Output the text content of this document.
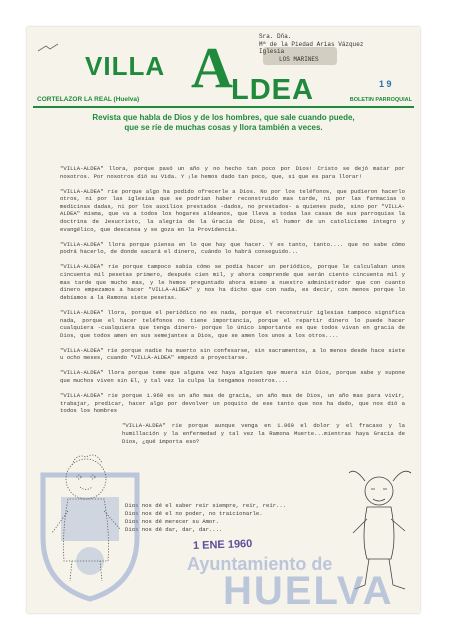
VILLA A
LDEA
CORTELAZOR LA REAL (Huelva)	BOLETIN PARROQUIAL
Sra. Dña.
Mª de la Piedad Arias Vázquez
Iglesia
LOS MARINES
1 9
Revista que habla de Dios y de los hombres, que sale cuando puede,
que se ríe de muchas cosas y llora también a veces.

"VILLA-ALDEA" llora, porque pasó un año y no hecho tan poco por Dios! Cristo se dejó matar por nosotros. Por nosotros dió su Vida. Y ¡le hemos dado tan poco, que, si que es para llorar!

"VILLA-ALDEA" ríe porque algo ha podido ofrecerle a Dios. No por los teléfonos, que pudieron hacerlo otros, ni por las iglesias que se podrían haber reconstruido mas tarde, ni por las farmacias o medicinas dadas, ni por los auxilios prestados -dados, no prestados- a quienes pudo, sino por "VILLA-ALDEA" misma, que va a todos los hogares aldeanos, que lleva a todas las casas de sus parroquias la doctrina de Jesucristo, la alegría de la Gracia de Dios, el humor de un catolicismo íntegro y evangélico, que descansa y se goza en la Providencia.

"VILLA-ALDEA" llora porque piensa en lo que hay que hacer. Y es tanto, tanto.... que no sabe cómo podrá hacerlo, de donde sacará el dinero, cuándo lo habrá conseguido...

"VILLA-ALDEA" ríe porque tampoco sabía cómo se podía hacer un periódico, porque le calculaban unos cincuenta mil pesetas primero, después cien mil, y ahora comprende que serán ciento cincuenta mil y mas tarde que mucho mas, y le hemos preguntado ahora mismo a nuestro administrador que con cuanto dinero empezamos a hacer "VILLA-ALDEA" y nos ha dicho que con nada, es decir, con menos porque lo debíamos a la Ramona siete pesetas.

"VILLA-ALDEA" llora, porque el periódico no es nada, porque el reconstruir iglesias tampoco significa nada, porque el hacer teléfonos no tiene importancia, porque el repartir dinero lo puede hacer cualquiera -cualquiera que tenga dinero- porque lo único importante es que todos vivan en gracia de Dios, que todos amen en sus semejantes a Dios, que se amen los unos a los otros....

"VILLA-ALDEA" ríe porque nadie ha muerto sin confesarse, sin sacramentos, a lo menos desde hace siete u ocho meses, cuando "VILLA-ALDEA" empezó a proyectarse.

"VILLA-ALDEA" llora porque teme que alguna vez haya alguien que muera sin Dios, porque sabe y supone que muchos viven sin El, y tal vez la culpa la tengamos nosotros....

"VILLA-ALDEA" ríe porque 1.960 es un año mas de gracia, un año mas de Dios, un año mas para vivir, trabajar, predicar, hacer algo por devolver un poquito de ese tanto que nos ha dado, que nos dió a todos los hombres

"VILLA-ALDEA" ríe porque aunque venga en 1.960 el dolor y el fracaso y la humillación y la enfermedad y tal vez la Ramona Muerte...mientras haya Gracia de Dios, ¿qué importa eso?

Dios nos dé el saber reír siempre, reír, reír...
Dios nos dé el no poder, no traicionarle.
Dios nos dé merecer su Amor.
Dios nos dé dar, dar, dar....
1 ENE 1960
Ayuntamiento de
HUELVA
